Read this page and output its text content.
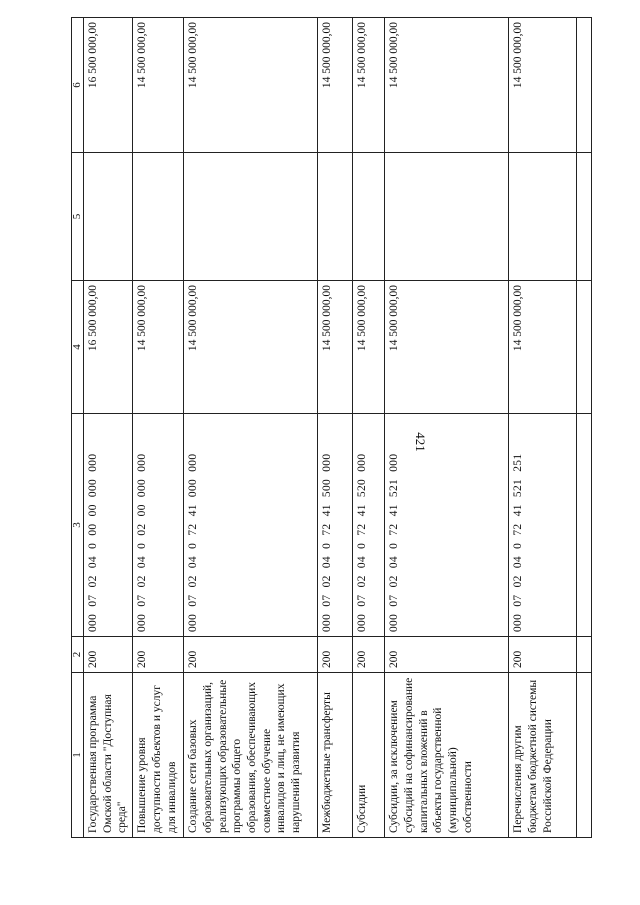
421
1	2	3	4	5	6
Государственная программа Омской области "Доступная среда"	200	000 07 02 04 0 00 00 000 000	16 500 000,00		16 500 000,00
Повышение уровня доступности объектов и услуг для инвалидов	200	000 07 02 04 0 02 00 000 000	14 500 000,00		14 500 000,00
Создание сети базовых образовательных организаций, реализующих образовательные программы общего образования, обеспечивающих совместное обучение инвалидов и лиц, не имеющих нарушений развития	200	000 07 02 04 0 72 41 000 000	14 500 000,00		14 500 000,00
Межбюджетные трансферты	200	000 07 02 04 0 72 41 500 000	14 500 000,00		14 500 000,00
Субсидии	200	000 07 02 04 0 72 41 520 000	14 500 000,00		14 500 000,00
Субсидии, за исключением субсидий на софинансирование капитальных вложений в объекты государственной (муниципальной) собственности	200	000 07 02 04 0 72 41 521 000	14 500 000,00		14 500 000,00
Перечисления другим бюджетам бюджетной системы Российской Федерации	200	000 07 02 04 0 72 41 521 251	14 500 000,00		14 500 000,00
